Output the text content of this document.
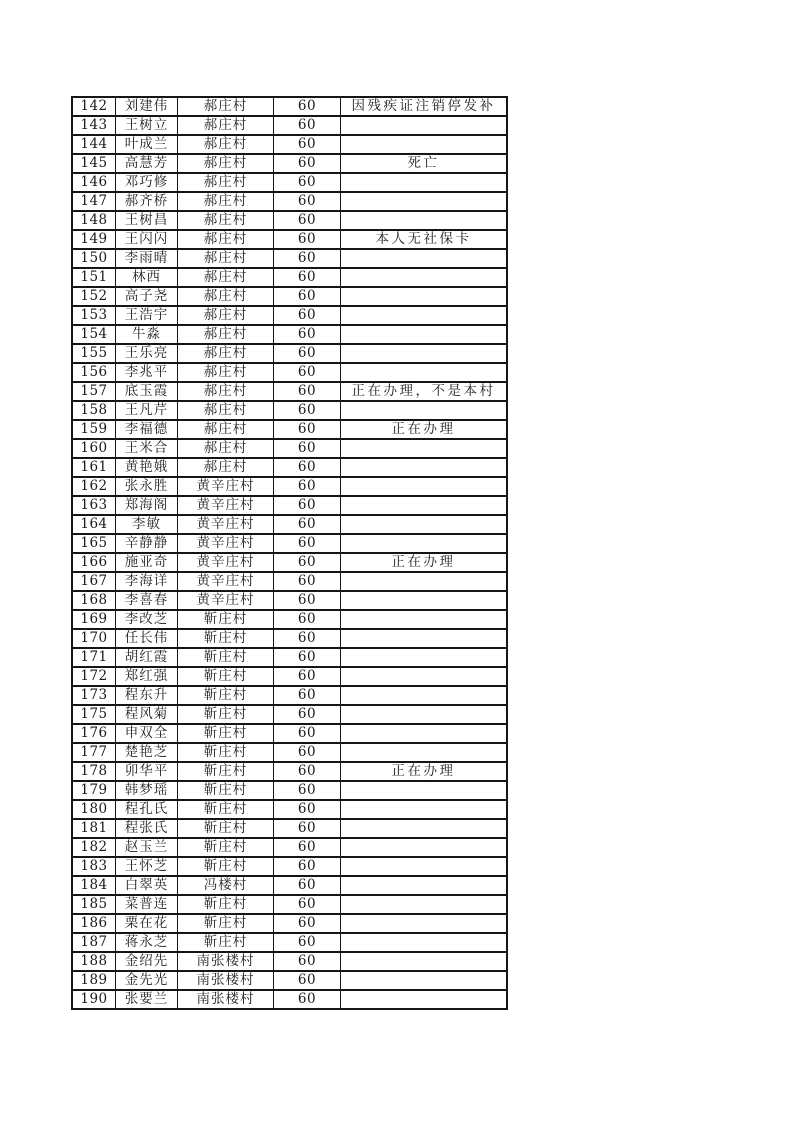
142	刘建伟	郝庄村	60	因残疾证注销停发补
143	王树立	郝庄村	60	
144	叶成兰	郝庄村	60	
145	高慧芳	郝庄村	60	死亡
146	邓巧修	郝庄村	60	
147	郝齐桥	郝庄村	60	
148	王树昌	郝庄村	60	
149	王闪闪	郝庄村	60	本人无社保卡
150	李雨晴	郝庄村	60	
151	林西	郝庄村	60	
152	高子尧	郝庄村	60	
153	王浩宇	郝庄村	60	
154	牛淼	郝庄村	60	
155	王乐亮	郝庄村	60	
156	李兆平	郝庄村	60	
157	底玉霞	郝庄村	60	正在办理，不是本村
158	王凡芹	郝庄村	60	
159	李福德	郝庄村	60	正在办理
160	王米合	郝庄村	60	
161	黄艳娥	郝庄村	60	
162	张永胜	黄辛庄村	60	
163	郑海阁	黄辛庄村	60	
164	李敏	黄辛庄村	60	
165	辛静静	黄辛庄村	60	
166	施亚奇	黄辛庄村	60	正在办理
167	李海详	黄辛庄村	60	
168	李喜春	黄辛庄村	60	
169	李改芝	靳庄村	60	
170	任长伟	靳庄村	60	
171	胡红霞	靳庄村	60	
172	郑红强	靳庄村	60	
173	程东升	靳庄村	60	
175	程风菊	靳庄村	60	
176	申双全	靳庄村	60	
177	楚艳芝	靳庄村	60	
178	卯华平	靳庄村	60	正在办理
179	韩梦瑶	靳庄村	60	
180	程孔氏	靳庄村	60	
181	程张氏	靳庄村	60	
182	赵玉兰	靳庄村	60	
183	王怀芝	靳庄村	60	
184	白翠英	冯楼村	60	
185	菜普连	靳庄村	60	
186	栗在花	靳庄村	60	
187	蒋永芝	靳庄村	60	
188	金绍先	南张楼村	60	
189	金先光	南张楼村	60	
190	张要兰	南张楼村	60	
